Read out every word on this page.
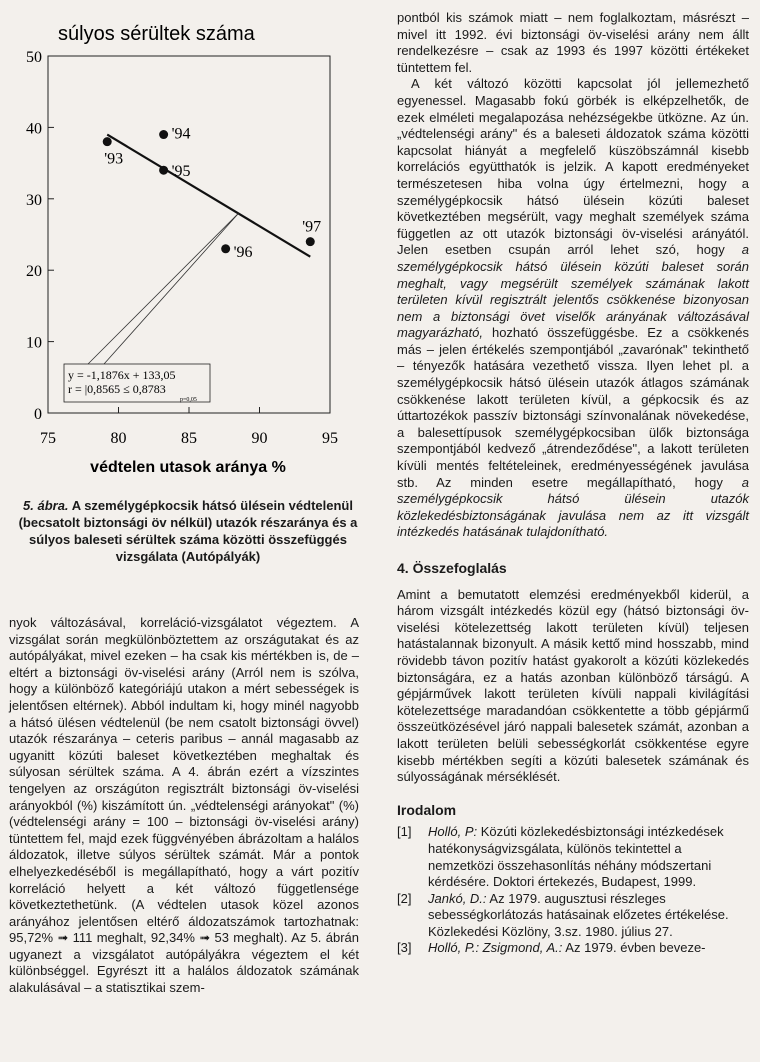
súlyos sérültek száma
0
10
20
30
40
50
75	80	85	90	95
'93
'94
'95
'96
'97
y = -1,1876x + 133,05
r = |0,8565 ≤ 0,8783
p=0,05
védtelen utasok aránya %
5. ábra. A személygépkocsik hátsó ülésein védtelenül (becsatolt biztonsági öv nélkül) utazók részaránya és a súlyos baleseti sérültek száma közötti összefüggés vizsgálata (Autópályák)

nyok változásával, korreláció-vizsgálatot végeztem. A vizsgálat során megkülönböztettem az országutakat és az autópályákat, mivel ezeken – ha csak kis mértékben is, de – eltért a biztonsági öv-viselési arány (Arról nem is szólva, hogy a különböző kategóriájú utakon a mért sebességek is jelentősen eltérnek). Abból indultam ki, hogy minél nagyobb a hátsó ülésen védtelenül (be nem csatolt biztonsági övvel) utazók részaránya – ceteris paribus – annál magasabb az ugyanitt közúti baleset következtében meghaltak és súlyosan sérültek száma. A 4. ábrán ezért a vízszintes tengelyen az országúton regisztrált biztonsági öv-viselési arányokból (%) kiszámított ún. „védtelenségi arányokat" (%) (védtelenségi arány = 100 – biztonsági öv-viselési arány) tüntettem fel, majd ezek függvényében ábrázoltam a halálos áldozatok, illetve súlyos sérültek számát. Már a pontok elhelyezkedéséből is megállapítható, hogy a várt pozitív korreláció helyett a két változó függetlensége következtethetünk. (A védtelen utasok közel azonos arányához jelentősen eltérő áldozatszámok tartozhatnak: 95,72% ➟ 111 meghalt, 92,34% ➟ 53 meghalt). Az 5. ábrán ugyanezt a vizsgálatot autópályákra végeztem el két különbséggel. Egyrészt itt a halálos áldozatok számának alakulásával – a statisztikai szem-

pontból kis számok miatt – nem foglalkoztam, másrészt – mivel itt 1992. évi biztonsági öv-viselési arány nem állt rendelkezésre – csak az 1993 és 1997 közötti értékeket tüntettem fel.

A két változó közötti kapcsolat jól jellemezhető egyenessel. Magasabb fokú görbék is elképzelhetők, de ezek elméleti megalapozása nehézségekbe ütközne. Az ún. „védtelenségi arány" és a baleseti áldozatok száma közötti kapcsolat hiányát a megfelelő küszöbszámnál kisebb korrelációs együtthatók is jelzik. A kapott eredményeket természetesen hiba volna úgy értelmezni, hogy a személygépkocsik hátsó ülésein közúti baleset következtében megsérült, vagy meghalt személyek száma független az ott utazók biztonsági öv-viselési arányától. Jelen esetben csupán arról lehet szó, hogy a személygépkocsik hátsó ülésein közúti baleset során meghalt, vagy megsérült személyek számának lakott területen kívül regisztrált jelentős csökkenése bizonyosan nem a biztonsági övet viselők arányának változásával magyarázható, hozható összefüggésbe. Ez a csökkenés más – jelen értékelés szempontjából „zavarónak" tekinthető – tényezők hatására vezethető vissza. Ilyen lehet pl. a személygépkocsik hátsó ülésein utazók átlagos számának csökkenése lakott területen kívül, a gépkocsik és az úttartozékok passzív biztonsági színvonalának növekedése, a balesettípusok személygépkocsiban ülők biztonsága szempontjából kedvező „átrendeződése", a lakott területen kívüli mentés feltételeinek, eredményességének javulása stb. Az minden esetre megállapítható, hogy a személygépkocsik hátsó ülésein utazók közlekedésbiztonságának javulása nem az itt vizsgált intézkedés hatásának tulajdonítható.

4. Összefoglalás

Amint a bemutatott elemzési eredményekből kiderül, a három vizsgált intézkedés közül egy (hátsó biztonsági öv-viselési kötelezettség lakott területen kívül) teljesen hatástalannak bizonyult. A másik kettő mind hosszabb, mind rövidebb távon pozitív hatást gyakorolt a közúti közlekedés biztonságára, ez a hatás azonban különböző társágú. A gépjárművek lakott területen kívüli nappali kivilágítási kötelezettsége maradandóan csökkentette a több gépjármű összeütközésével járó nappali balesetek számát, azonban a lakott területen belüli sebességkorlát csökkentése egyre kisebb mértékben segíti a közúti balesetek számának és súlyosságának mérséklését.

Irodalom
[1]	Holló, P: Közúti közlekedésbiztonsági intézkedések hatékonyságvizsgálata, különös tekintettel a nemzetközi összehasonlítás néhány módszertani kérdésére. Doktori értekezés, Budapest, 1999.
[2]	Jankó, D.: Az 1979. augusztusi részleges sebességkorlátozás hatásainak előzetes értékelése. Közlekedési Közlöny, 3.sz. 1980. július 27.
[3]	Holló, P.: Zsigmond, A.: Az 1979. évben beveze-
